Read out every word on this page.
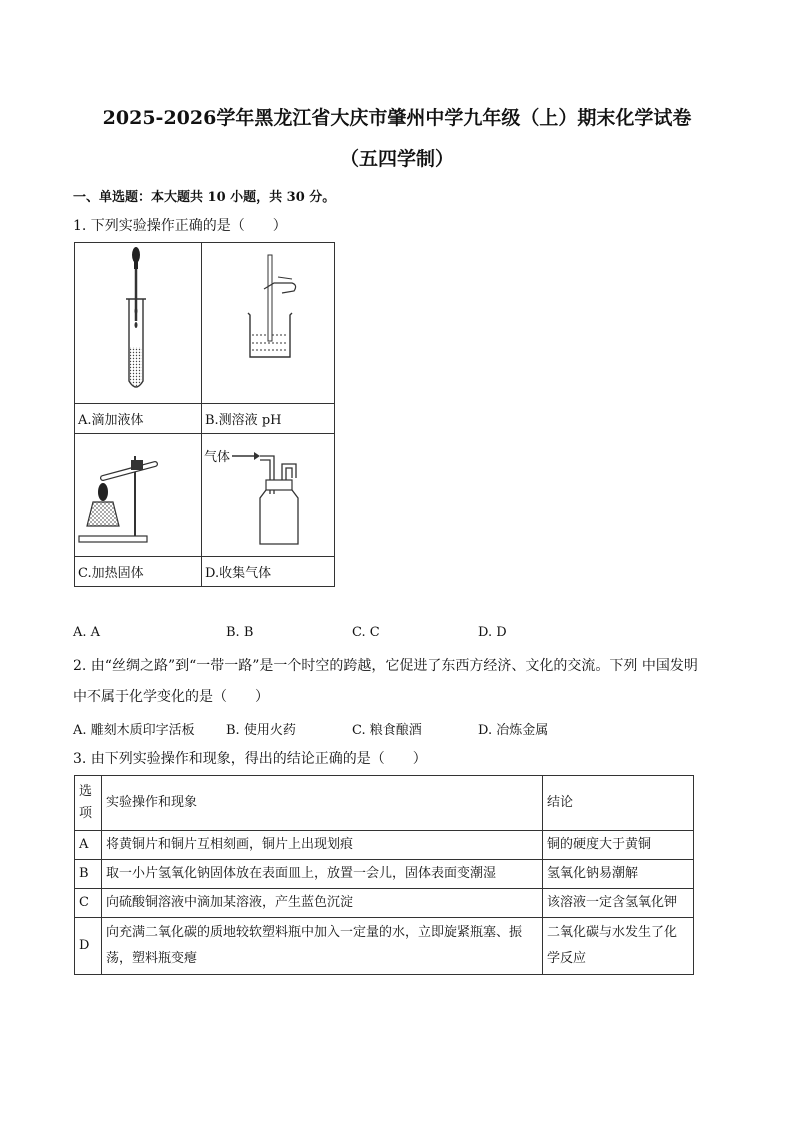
2025-2026学年黑龙江省大庆市肇州中学九年级（上）期末化学试卷
（五四学制）
一、单选题：本大题共 10 小题，共 30 分。
1. 下列实验操作正确的是（　　）

A.滴加液体	B.测溶液 pH

气体

C.加热固体	D.收集气体
A. A	B. B	C. C	D. D
2. 由“丝绸之路”到“一带一路”是一个时空的跨越，它促进了东西方经济、文化的交流。下列 中国发明
中不属于化学变化的是（　　）
A. 雕刻木质印字活板 B. 使用火药	C. 粮食酿酒	D. 冶炼金属
3. 由下列实验操作和现象，得出的结论正确的是（　　）
选项	实验操作和现象	结论
A	将黄铜片和铜片互相刻画，铜片上出现划痕	铜的硬度大于黄铜
B	取一小片氢氧化钠固体放在表面皿上，放置一会儿，固体表面变潮湿	氢氧化钠易潮解
C	向硫酸铜溶液中滴加某溶液，产生蓝色沉淀	该溶液一定含氢氧化钾
D	向充满二氧化碳的质地较软塑料瓶中加入一定量的水，立即旋紧瓶塞、振荡，塑料瓶变瘪	二氧化碳与水发生了化学反应
